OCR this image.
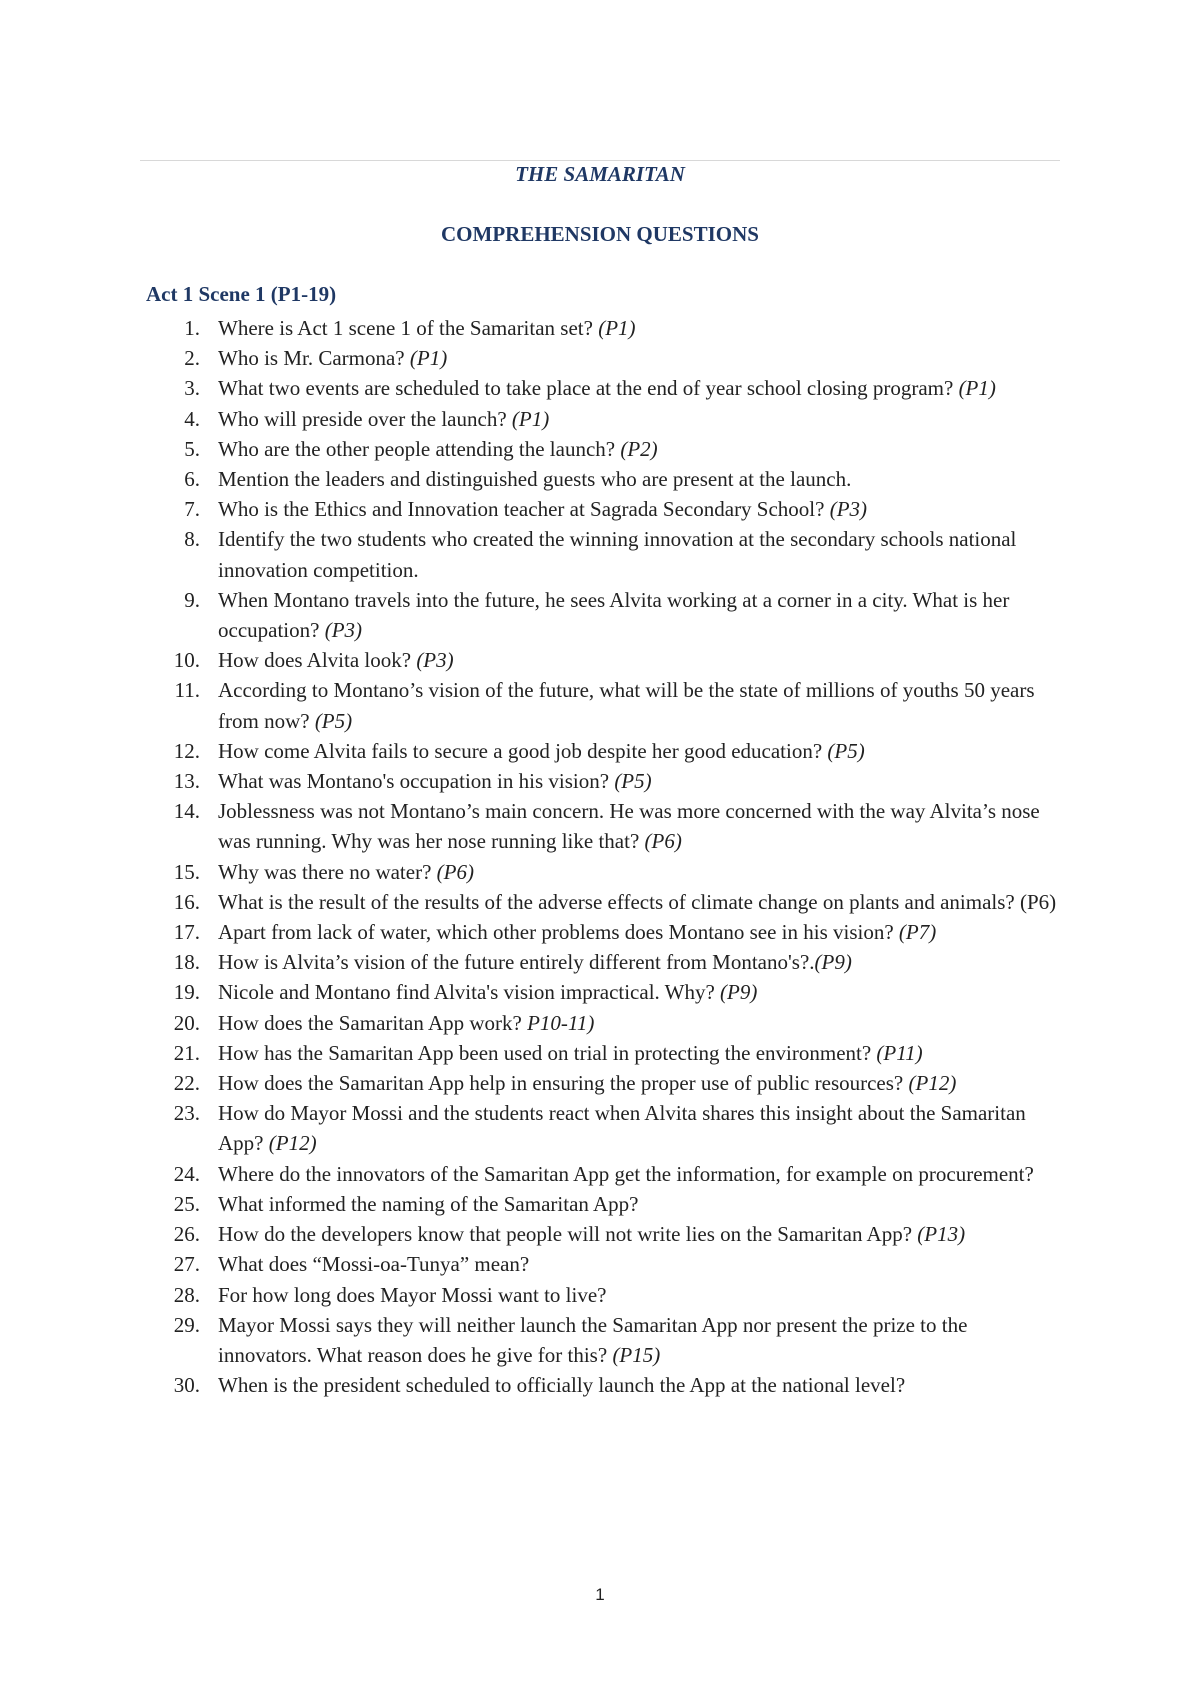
THE SAMARITAN
COMPREHENSION QUESTIONS
Act 1 Scene 1 (P1-19)
1. Where is Act 1 scene 1 of the Samaritan set? (P1)
2. Who is Mr. Carmona? (P1)
3. What two events are scheduled to take place at the end of year school closing program? (P1)
4. Who will preside over the launch? (P1)
5. Who are the other people attending the launch? (P2)
6. Mention the leaders and distinguished guests who are present at the launch.
7. Who is the Ethics and Innovation teacher at Sagrada Secondary School? (P3)
8. Identify the two students who created the winning innovation at the secondary schools national innovation competition.
9. When Montano travels into the future, he sees Alvita working at a corner in a city. What is her occupation? (P3)
10. How does Alvita look? (P3)
11. According to Montano’s vision of the future, what will be the state of millions of youths 50 years from now? (P5)
12. How come Alvita fails to secure a good job despite her good education? (P5)
13. What was Montano's occupation in his vision? (P5)
14. Joblessness was not Montano’s main concern. He was more concerned with the way Alvita’s nose was running. Why was her nose running like that? (P6)
15. Why was there no water? (P6)
16. What is the result of the results of the adverse effects of climate change on plants and animals? (P6)
17. Apart from lack of water, which other problems does Montano see in his vision? (P7)
18. How is Alvita’s vision of the future entirely different from Montano's?.(P9)
19. Nicole and Montano find Alvita's vision impractical. Why? (P9)
20. How does the Samaritan App work? P10-11)
21. How has the Samaritan App been used on trial in protecting the environment? (P11)
22. How does the Samaritan App help in ensuring the proper use of public resources? (P12)
23. How do Mayor Mossi and the students react when Alvita shares this insight about the Samaritan App? (P12)
24. Where do the innovators of the Samaritan App get the information, for example on procurement?
25. What informed the naming of the Samaritan App?
26. How do the developers know that people will not write lies on the Samaritan App? (P13)
27. What does “Mossi-oa-Tunya” mean?
28. For how long does Mayor Mossi want to live?
29. Mayor Mossi says they will neither launch the Samaritan App nor present the prize to the innovators. What reason does he give for this? (P15)
30. When is the president scheduled to officially launch the App at the national level?
1
